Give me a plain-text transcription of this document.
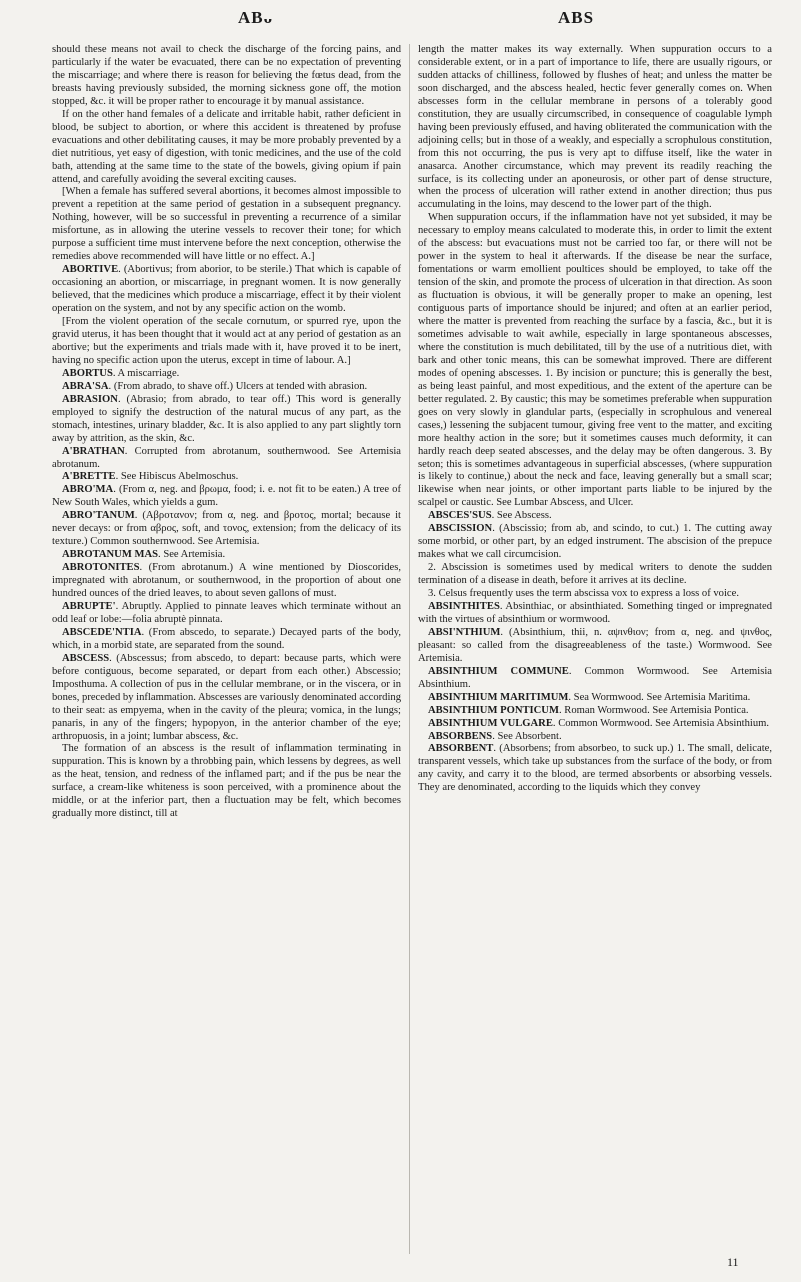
ABᴗ	ABS

should these means not avail to check the discharge of the forcing pains, and particularly if the water be evacuated, there can be no expectation of preventing the miscarriage; and where there is reason for believing the fœtus dead, from the breasts having previously subsided, the morning sickness gone off, the motion stopped, &c. it will be proper rather to encourage it by manual assistance.

If on the other hand females of a delicate and irritable habit, rather deficient in blood, be subject to abortion, or where this accident is threatened by profuse evacuations and other debilitating causes, it may be more probably prevented by a diet nutritious, yet easy of digestion, with tonic medicines, and the use of the cold bath, attending at the same time to the state of the bowels, giving opium if pain attend, and carefully avoiding the several exciting causes.

[When a female has suffered several abortions, it becomes almost impossible to prevent a repetition at the same period of gestation in a subsequent pregnancy. Nothing, however, will be so successful in preventing a recurrence of a similar misfortune, as in allowing the uterine vessels to recover their tone; for which purpose a sufficient time must intervene before the next conception, otherwise the remedies above recommended will have little or no effect. A.]

ABORTIVE. (Abortivus; from aborior, to be sterile.) That which is capable of occasioning an abortion, or miscarriage, in pregnant women. It is now generally believed, that the medicines which produce a miscarriage, effect it by their violent operation on the system, and not by any specific action on the womb.

[From the violent operation of the secale cornutum, or spurred rye, upon the gravid uterus, it has been thought that it would act at any period of gestation as an abortive; but the experiments and trials made with it, have proved it to be inert, having no specific action upon the uterus, except in time of labour. A.]

ABORTUS. A miscarriage.

ABRA'SA. (From abrado, to shave off.) Ulcers at tended with abrasion.

ABRASION. (Abrasio; from abrado, to tear off.) This word is generally employed to signify the destruction of the natural mucus of any part, as the stomach, intestines, urinary bladder, &c. It is also applied to any part slightly torn away by attrition, as the skin, &c.

A'BRATHAN. Corrupted from abrotanum, southernwood. See Artemisia abrotanum.

A'BRETTE. See Hibiscus Abelmoschus.

ABRO'MA. (From α, neg. and βρωμα, food; i. e. not fit to be eaten.) A tree of New South Wales, which yields a gum.

ABRO'TANUM. (Αβροτανον; from α, neg. and βροτος, mortal; because it never decays: or from αβρος, soft, and τονος, extension; from the delicacy of its texture.) Common southernwood. See Artemisia.

ABROTANUM MAS. See Artemisia.

ABROTONITES. (From abrotanum.) A wine mentioned by Dioscorides, impregnated with abrotanum, or southernwood, in the proportion of about one hundred ounces of the dried leaves, to about seven gallons of must.

ABRUPTE'. Abruptly. Applied to pinnate leaves which terminate without an odd leaf or lobe:—folia abruptè pinnata.

ABSCEDE'NTIA. (From abscedo, to separate.) Decayed parts of the body, which, in a morbid state, are separated from the sound.

ABSCESS. (Abscessus; from abscedo, to depart: because parts, which were before contiguous, become separated, or depart from each other.) Abscessio; Imposthuma. A collection of pus in the cellular membrane, or in the viscera, or in bones, preceded by inflammation. Abscesses are variously denominated according to their seat: as empyema, when in the cavity of the pleura; vomica, in the lungs; panaris, in any of the fingers; hypopyon, in the anterior chamber of the eye; arthropuosis, in a joint; lumbar abscess, &c.

The formation of an abscess is the result of inflammation terminating in suppuration. This is known by a throbbing pain, which lessens by degrees, as well as the heat, tension, and redness of the inflamed part; and if the pus be near the surface, a cream-like whiteness is soon perceived, with a prominence about the middle, or at the inferior part, then a fluctuation may be felt, which becomes gradually more distinct, till at

length the matter makes its way externally. When suppuration occurs to a considerable extent, or in a part of importance to life, there are usually rigours, or sudden attacks of chilliness, followed by flushes of heat; and unless the matter be soon discharged, and the abscess healed, hectic fever generally comes on. When abscesses form in the cellular membrane in persons of a tolerably good constitution, they are usually circumscribed, in consequence of coagulable lymph having been previously effused, and having obliterated the communication with the adjoining cells; but in those of a weakly, and especially a scrophulous constitution, from this not occurring, the pus is very apt to diffuse itself, like the water in anasarca. Another circumstance, which may prevent its readily reaching the surface, is its collecting under an aponeurosis, or other part of dense structure, when the process of ulceration will rather extend in another direction; thus pus accumulating in the loins, may descend to the lower part of the thigh.

When suppuration occurs, if the inflammation have not yet subsided, it may be necessary to employ means calculated to moderate this, in order to limit the extent of the abscess: but evacuations must not be carried too far, or there will not be power in the system to heal it afterwards. If the disease be near the surface, fomentations or warm emollient poultices should be employed, to take off the tension of the skin, and promote the process of ulceration in that direction. As soon as fluctuation is obvious, it will be generally proper to make an opening, lest contiguous parts of importance should be injured; and often at an earlier period, where the matter is prevented from reaching the surface by a fascia, &c., but it is sometimes advisable to wait awhile, especially in large spontaneous abscesses, where the constitution is much debilitated, till by the use of a nutritious diet, with bark and other tonic means, this can be somewhat improved. There are different modes of opening abscesses. 1. By incision or puncture; this is generally the best, as being least painful, and most expeditious, and the extent of the aperture can be better regulated. 2. By caustic; this may be sometimes preferable when suppuration goes on very slowly in glandular parts, (especially in scrophulous and venereal cases,) lessening the subjacent tumour, giving free vent to the matter, and exciting more healthy action in the sore; but it sometimes causes much deformity, it can hardly reach deep seated abscesses, and the delay may be often dangerous. 3. By seton; this is sometimes advantageous in superficial abscesses, (where suppuration is likely to continue,) about the neck and face, leaving generally but a small scar; likewise when near joints, or other important parts liable to be injured by the scalpel or caustic. See Lumbar Abscess, and Ulcer.

ABSCES'SUS. See Abscess.

ABSCISSION. (Abscissio; from ab, and scindo, to cut.) 1. The cutting away some morbid, or other part, by an edged instrument. The abscision of the prepuce makes what we call circumcision.

2. Abscission is sometimes used by medical writers to denote the sudden termination of a disease in death, before it arrives at its decline.

3. Celsus frequently uses the term abscissa vox to express a loss of voice.

ABSINTHITES. Absinthiac, or absinthiated. Something tinged or impregnated with the virtues of absinthium or wormwood.

ABSI'NTHIUM. (Absinthium, thii, n. αψινθιον; from α, neg. and ψινθος, pleasant: so called from the disagreeableness of the taste.) Wormwood. See Artemisia.

ABSINTHIUM COMMUNE. Common Wormwood. See Artemisia Absinthium.

ABSINTHIUM MARITIMUM. Sea Wormwood. See Artemisia Maritima.

ABSINTHIUM PONTICUM. Roman Wormwood. See Artemisia Pontica.

ABSINTHIUM VULGARE. Common Wormwood. See Artemisia Absinthium.

ABSORBENS. See Absorbent.

ABSORBENT. (Absorbens; from absorbeo, to suck up.) 1. The small, delicate, transparent vessels, which take up substances from the surface of the body, or from any cavity, and carry it to the blood, are termed absorbents or absorbing vessels. They are denominated, according to the liquids which they convey

11
